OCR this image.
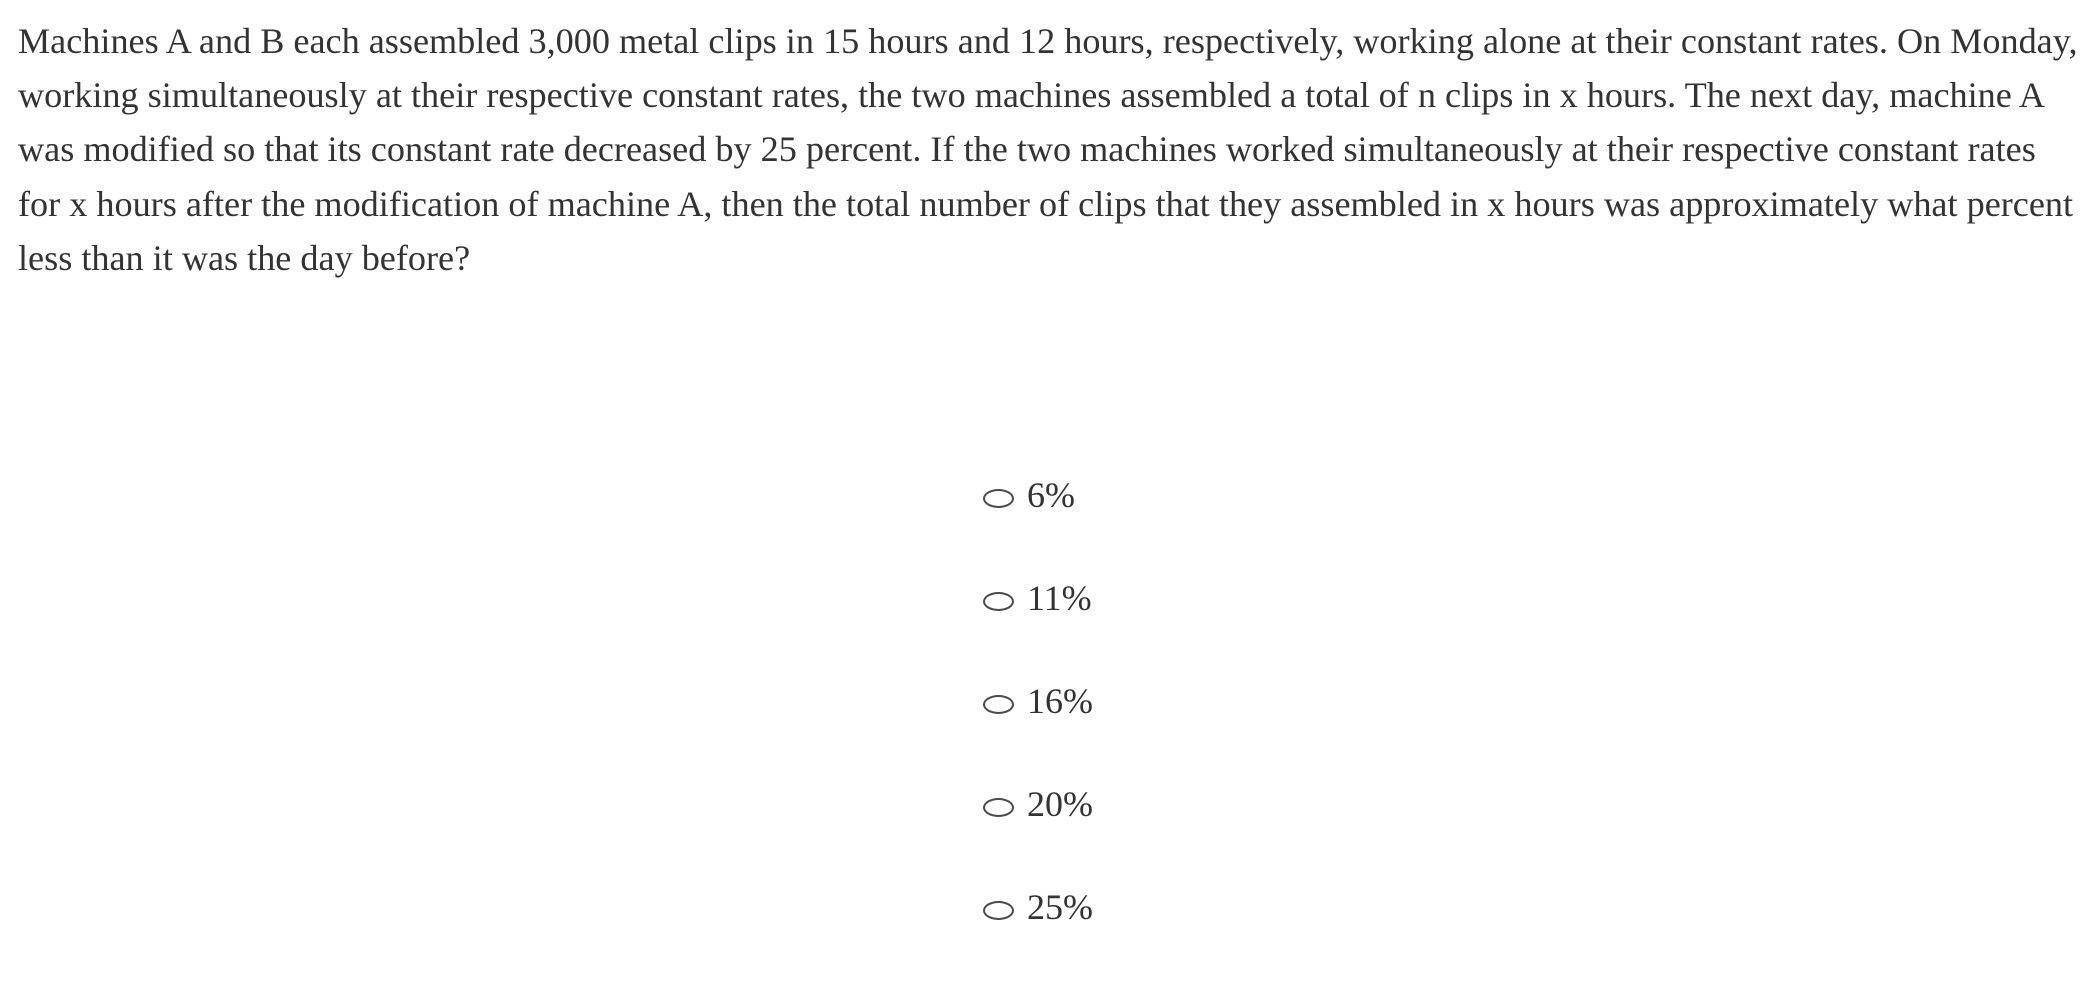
Machines A and B each assembled 3,000 metal clips in 15 hours and 12 hours, respectively, working alone at their constant rates. On Monday, working simultaneously at their respective constant rates, the two machines assembled a total of n clips in x hours. The next day, machine A was modified so that its constant rate decreased by 25 percent. If the two machines worked simultaneously at their respective constant rates for x hours after the modification of machine A, then the total number of clips that they assembled in x hours was approximately what percent less than it was the day before?

6%
11%
16%
20%
25%
